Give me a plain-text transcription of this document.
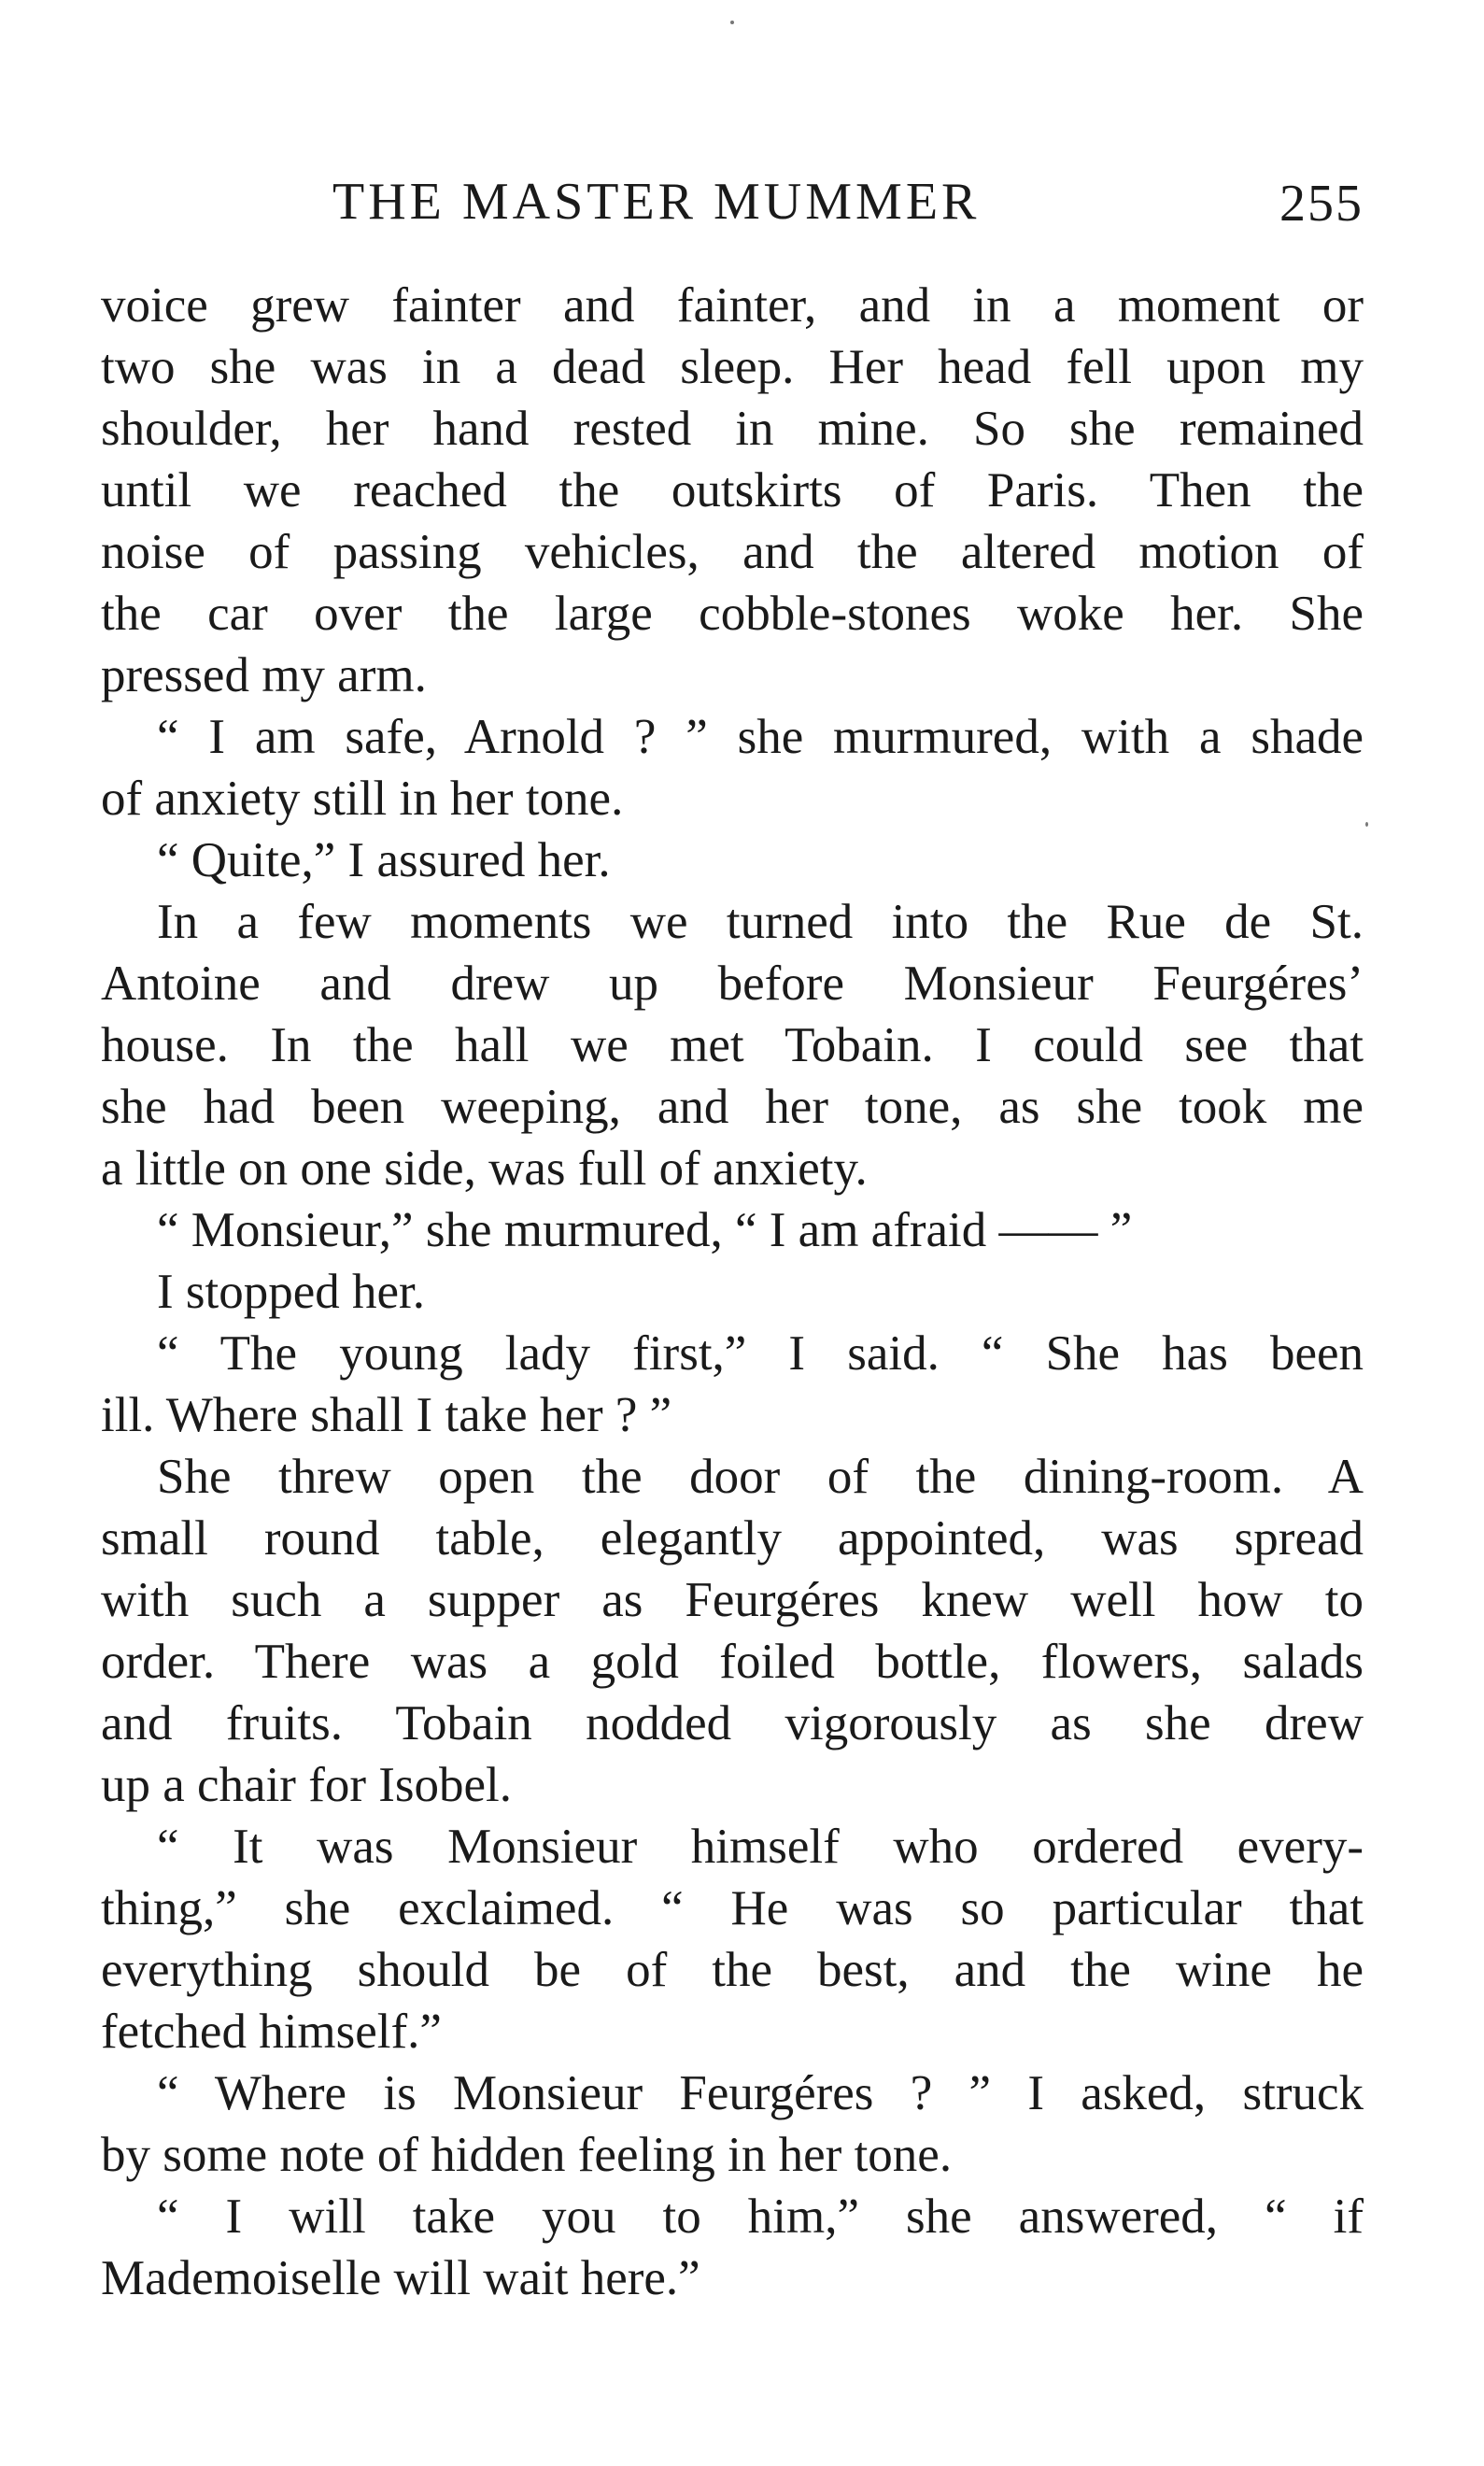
THE MASTER MUMMER	255
voice grew fainter and fainter, and in a moment or
two she was in a dead sleep. Her head fell upon my
shoulder, her hand rested in mine. So she remained
until we reached the outskirts of Paris. Then the
noise of passing vehicles, and the altered motion of
the car over the large cobble-stones woke her. She
pressed my arm.
“ I am safe, Arnold ? ” she murmured, with a shade
of anxiety still in her tone.
“ Quite,” I assured her.
In a few moments we turned into the Rue de St.
Antoine and drew up before Monsieur Feurgéres’
house. In the hall we met Tobain. I could see that
she had been weeping, and her tone, as she took me
a little on one side, was full of anxiety.
“ Monsieur,” she murmured, “ I am afraid —— ”
I stopped her.
“ The young lady first,” I said. “ She has been
ill. Where shall I take her ? ”
She threw open the door of the dining-room. A
small round table, elegantly appointed, was spread
with such a supper as Feurgéres knew well how to
order. There was a gold foiled bottle, flowers, salads
and fruits. Tobain nodded vigorously as she drew
up a chair for Isobel.
“ It was Monsieur himself who ordered every-
thing,” she exclaimed. “ He was so particular that
everything should be of the best, and the wine he
fetched himself.”
“ Where is Monsieur Feurgéres ? ” I asked, struck
by some note of hidden feeling in her tone.
“ I will take you to him,” she answered, “ if
Mademoiselle will wait here.”
